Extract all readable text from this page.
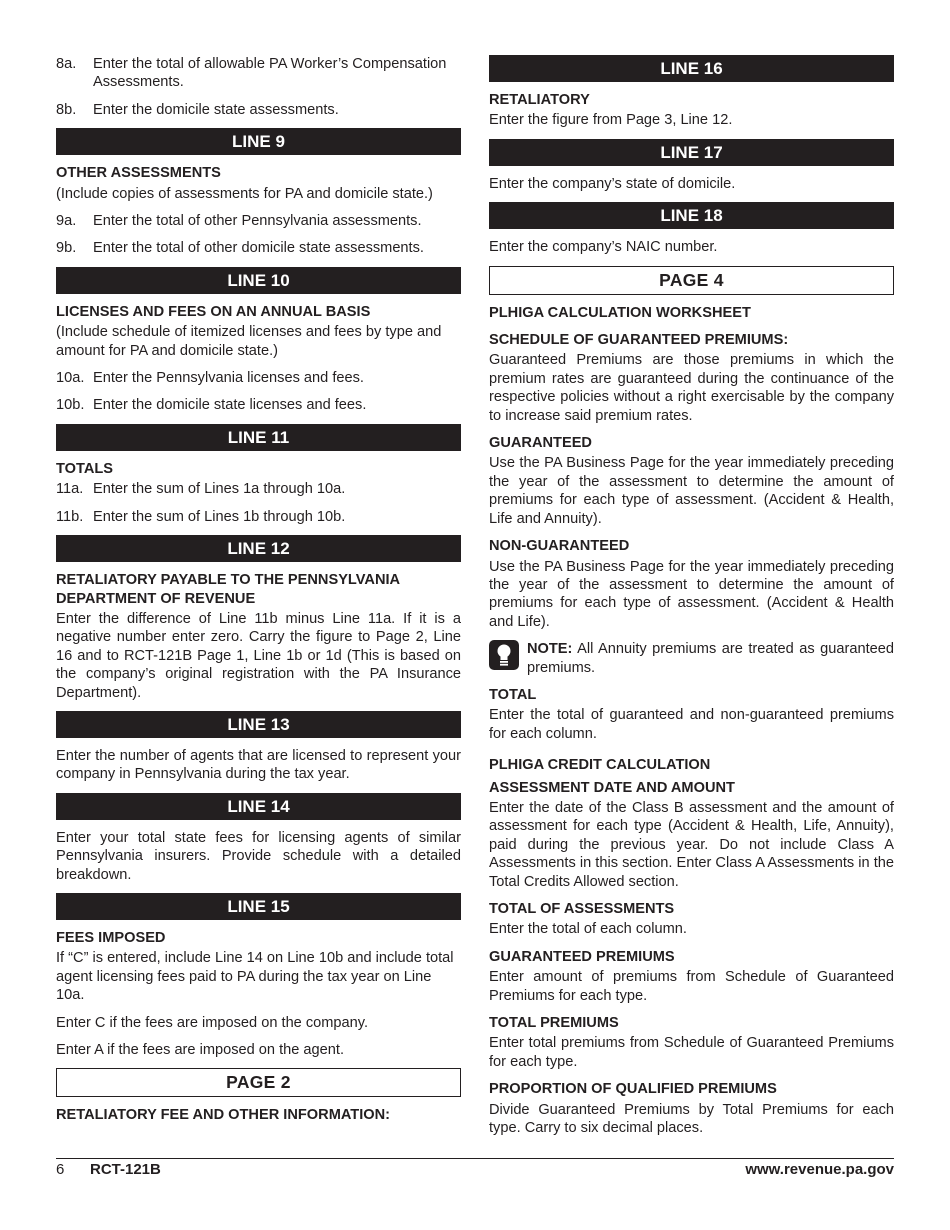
8a.	Enter the total of allowable PA Worker’s Compensation Assessments.
8b.	Enter the domicile state assessments.
LINE 9
OTHER ASSESSMENTS
(Include copies of assessments for PA and domicile state.)
9a.	Enter the total of other Pennsylvania assessments.
9b.	Enter the total of other domicile state assessments.
LINE 10
LICENSES AND FEES ON AN ANNUAL BASIS
(Include schedule of itemized licenses and fees by type and amount for PA and domicile state.)
10a. Enter the Pennsylvania licenses and fees.
10b. Enter the domicile state licenses and fees.
LINE 11
TOTALS
11a. Enter the sum of Lines 1a through 10a.
11b. Enter the sum of Lines 1b through 10b.
LINE 12
RETALIATORY PAYABLE TO THE PENNSYLVANIA DEPARTMENT OF REVENUE
Enter the difference of Line 11b minus Line 11a. If it is a negative number enter zero. Carry the figure to Page 2, Line 16 and to RCT-121B Page 1, Line 1b or 1d (This is based on the company’s original registration with the PA Insurance Department).
LINE 13
Enter the number of agents that are licensed to represent your company in Pennsylvania during the tax year.
LINE 14
Enter your total state fees for licensing agents of similar Pennsylvania insurers. Provide schedule with a detailed breakdown.
LINE 15
FEES IMPOSED
If “C” is entered, include Line 14 on Line 10b and include total agent licensing fees paid to PA during the tax year on Line 10a.
Enter C if the fees are imposed on the company.
Enter A if the fees are imposed on the agent.
PAGE 2
RETALIATORY FEE AND OTHER INFORMATION:
LINE 16
RETALIATORY
Enter the figure from Page 3, Line 12.
LINE 17
Enter the company’s state of domicile.
LINE 18
Enter the company’s NAIC number.
PAGE 4
PLHIGA CALCULATION WORKSHEET
SCHEDULE OF GUARANTEED PREMIUMS:
Guaranteed Premiums are those premiums in which the premium rates are guaranteed during the continuance of the respective policies without a right exercisable by the company to increase said premium rates.
GUARANTEED
Use the PA Business Page for the year immediately preceding the year of the assessment to determine the amount of premiums for each type of assessment. (Accident & Health, Life and Annuity).
NON-GUARANTEED
Use the PA Business Page for the year immediately preceding the year of the assessment to determine the amount of premiums for each type of assessment. (Accident & Health and Life).
NOTE: All Annuity premiums are treated as guaranteed premiums.
TOTAL
Enter the total of guaranteed and non-guaranteed premiums for each column.
PLHIGA CREDIT CALCULATION
ASSESSMENT DATE AND AMOUNT
Enter the date of the Class B assessment and the amount of assessment for each type (Accident & Health, Life, Annuity), paid during the previous year. Do not include Class A Assessments in this section. Enter Class A Assessments in the Total Credits Allowed section.
TOTAL OF ASSESSMENTS
Enter the total of each column.
GUARANTEED PREMIUMS
Enter amount of premiums from Schedule of Guaranteed Premiums for each type.
TOTAL PREMIUMS
Enter total premiums from Schedule of Guaranteed Premiums for each type.
PROPORTION OF QUALIFIED PREMIUMS
Divide Guaranteed Premiums by Total Premiums for each type. Carry to six decimal places.
6 RCT-121B	www.revenue.pa.gov
